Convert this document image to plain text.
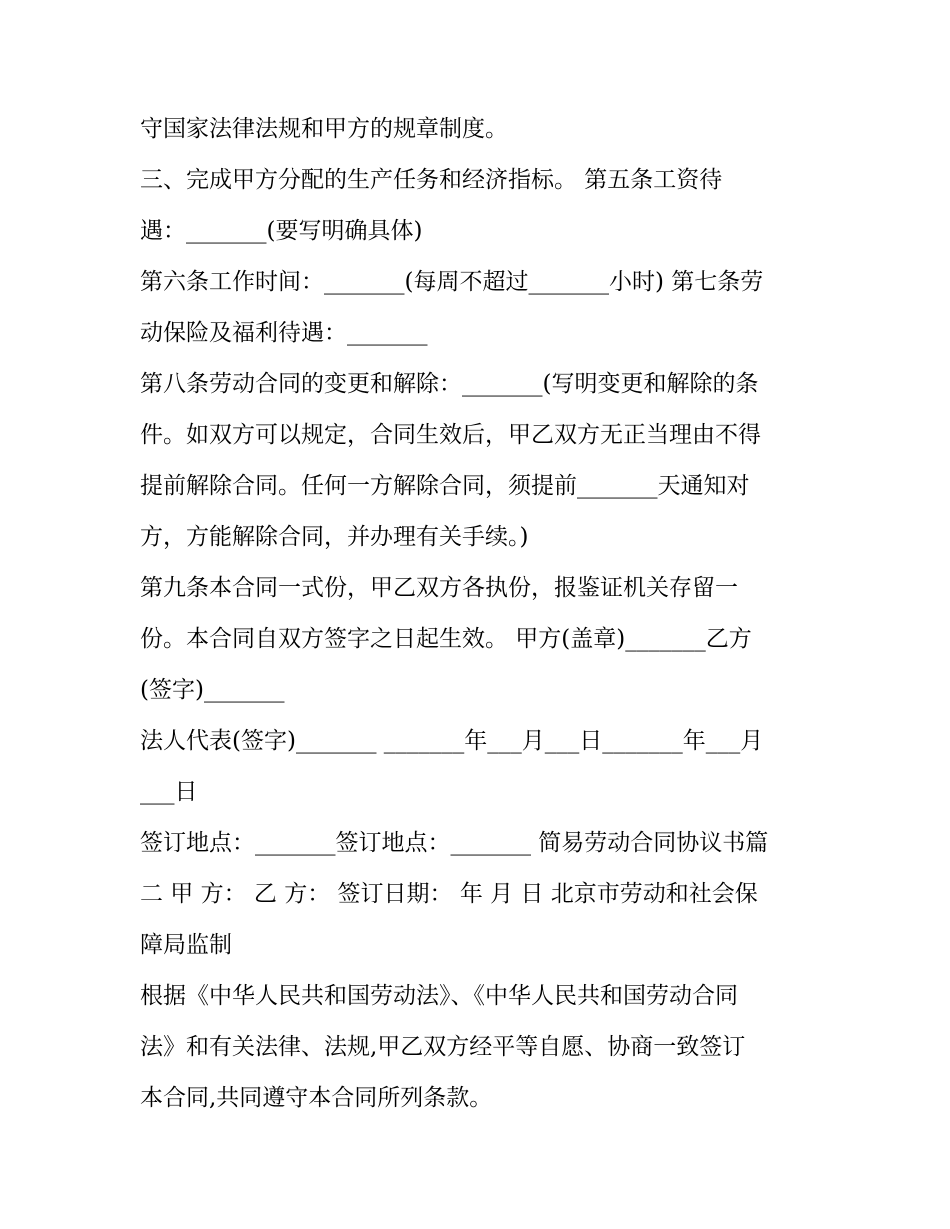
守国家法律法规和甲方的规章制度。
三、完成甲方分配的生产任务和经济指标。 第五条工资待
遇：_______(要写明确具体)
第六条工作时间：_______(每周不超过_______小时) 第七条劳
动保险及福利待遇：_______
第八条劳动合同的变更和解除：_______(写明变更和解除的条
件。如双方可以规定，合同生效后，甲乙双方无正当理由不得
提前解除合同。任何一方解除合同，须提前_______天通知对
方，方能解除合同，并办理有关手续。)
第九条本合同一式份，甲乙双方各执份，报鉴证机关存留一
份。本合同自双方签字之日起生效。 甲方(盖章)_______乙方
(签字)_______
法人代表(签字)_______ _______年___月___日_______年___月
___日
签订地点：_______签订地点：_______ 简易劳动合同协议书篇
二 甲 方： 乙 方： 签订日期： 年 月 日 北京市劳动和社会保
障局监制
根据《中华人民共和国劳动法》、《中华人民共和国劳动合同
法》和有关法律、法规,甲乙双方经平等自愿、协商一致签订
本合同,共同遵守本合同所列条款。
